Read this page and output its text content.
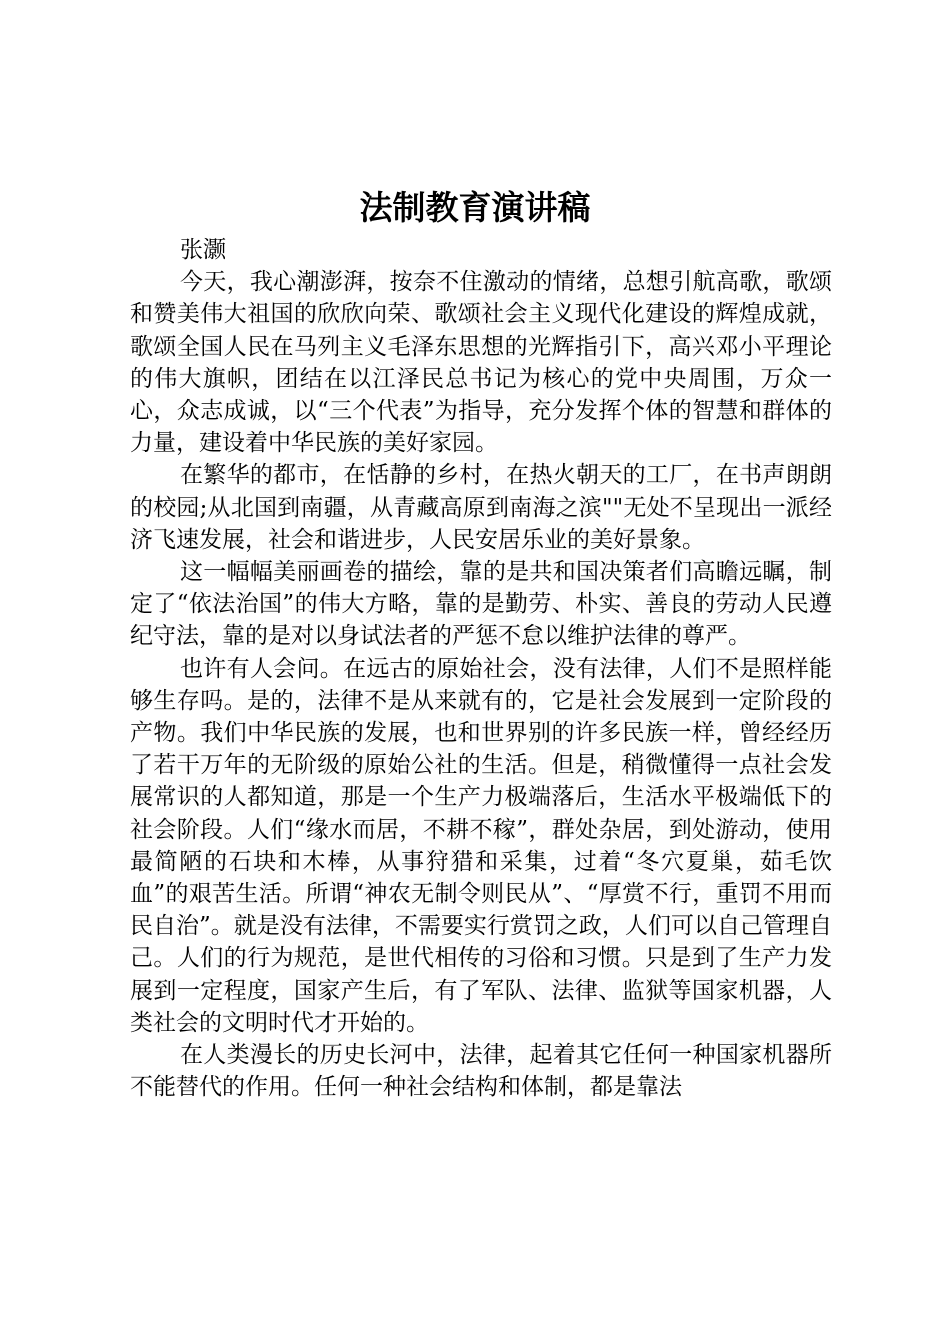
法制教育演讲稿

张灏

今天，我心潮澎湃，按奈不住激动的情绪，总想引航高歌，歌颂和赞美伟大祖国的欣欣向荣、歌颂社会主义现代化建设的辉煌成就，歌颂全国人民在马列主义毛泽东思想的光辉指引下，高兴邓小平理论的伟大旗帜，团结在以江泽民总书记为核心的党中央周围，万众一心，众志成诚，以“三个代表”为指导，充分发挥个体的智慧和群体的力量，建设着中华民族的美好家园。

在繁华的都市，在恬静的乡村，在热火朝天的工厂，在书声朗朗的校园;从北国到南疆，从青藏高原到南海之滨""无处不呈现出一派经济飞速发展，社会和谐进步，人民安居乐业的美好景象。

这一幅幅美丽画卷的描绘，靠的是共和国决策者们高瞻远瞩，制定了“依法治国”的伟大方略，靠的是勤劳、朴实、善良的劳动人民遵纪守法，靠的是对以身试法者的严惩不怠以维护法律的尊严。

也许有人会问。在远古的原始社会，没有法律，人们不是照样能够生存吗。是的，法律不是从来就有的，它是社会发展到一定阶段的产物。我们中华民族的发展，也和世界别的许多民族一样，曾经经历了若干万年的无阶级的原始公社的生活。但是，稍微懂得一点社会发展常识的人都知道，那是一个生产力极端落后，生活水平极端低下的社会阶段。人们“缘水而居，不耕不稼”，群处杂居，到处游动，使用最简陋的石块和木棒，从事狩猎和采集，过着“冬穴夏巢，茹毛饮血”的艰苦生活。所谓“神农无制令则民从”、“厚赏不行，重罚不用而民自治”。就是没有法律，不需要实行赏罚之政，人们可以自己管理自己。人们的行为规范，是世代相传的习俗和习惯。只是到了生产力发展到一定程度，国家产生后，有了军队、法律、监狱等国家机器，人类社会的文明时代才开始的。

在人类漫长的历史长河中，法律，起着其它任何一种国家机器所不能替代的作用。任何一种社会结构和体制，都是靠法
